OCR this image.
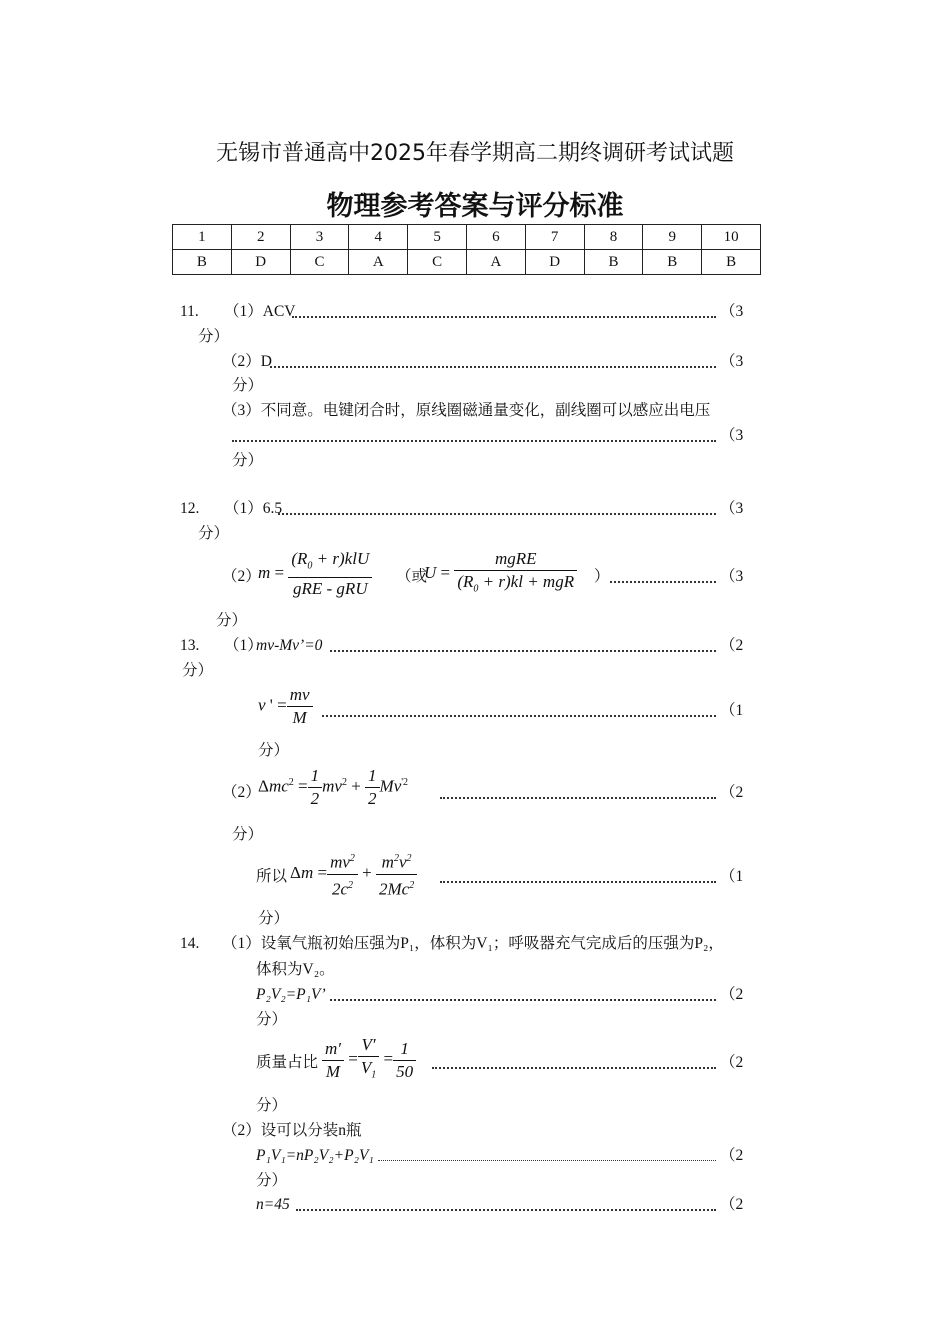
无锡市普通高中2025年春学期高二期终调研考试试题
物理参考答案与评分标准
1	2	3	4	5	6	7	8	9	10
B	D	C	A	C	A	D	B	B	B
11. （1）ACV	（3
分）
（2）D	（3
分）
（3）不同意。电键闭合时，原线圈磁通量变化，副线圈可以感应出电压
（3
分）
12. （1）6.5	（3
分）
（2）
$m = \frac{(R_0 + r)klU}{\text{gRE - gRU}}$ （或
$U = \frac{\text{mgRE}}{(R_0 + r)kl + mgR}$ ）	（3
分）
13. （1）
mv-Mv’=0	（2
分）
v ' = $\frac{mv}{M}$	（1
分）
（2）
$\Delta mc^2 = \frac{1}{2} mv^2 + \frac{1}{2} Mv^{'2}$
（2
分）
所以 $\Delta m = \frac{mv^2}{2c^2} + \frac{m^2v^2}{2Mc^2}$	（1
分）
14. （1）设氧气瓶初始压强为P₁，体积为V₁；呼吸器充气完成后的压强为P₂，
体积为V₂。
P₂V₂=P₁V’	（2
分）
质量占比 $\frac{m'}{M} = \frac{V'}{V_1} = \frac{1}{50}$	（2
分）
（2）设可以分装n瓶
P₁V₁=nP₂V₂+P₂V₁	（2
分）
n=45	（2
